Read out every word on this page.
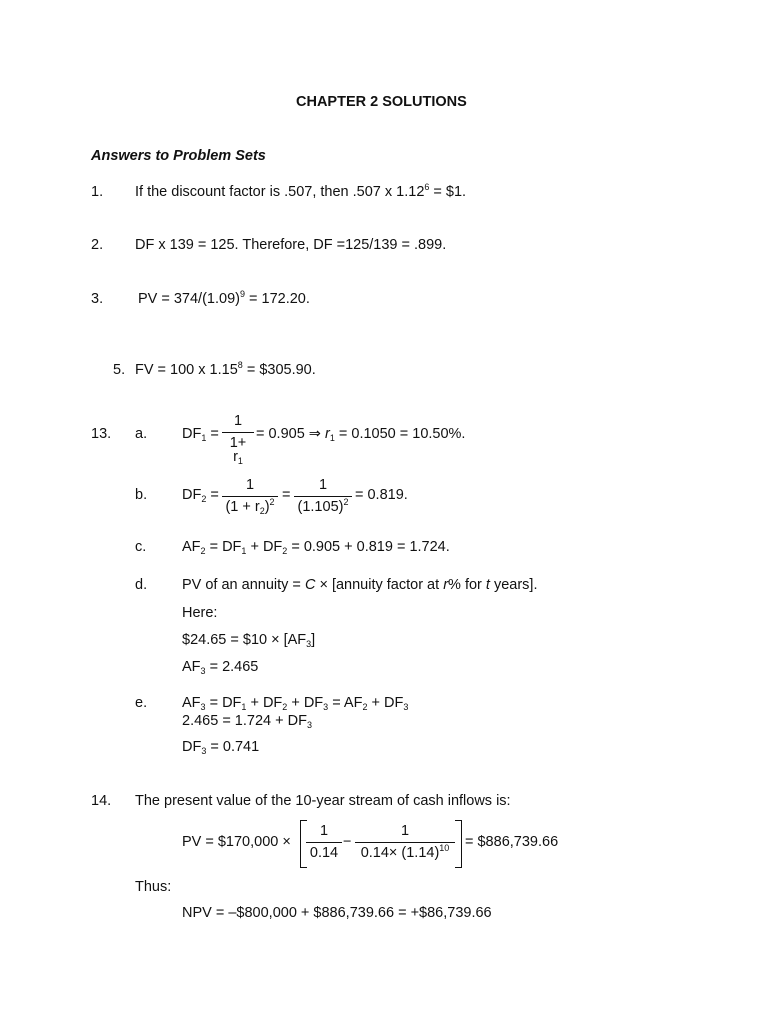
CHAPTER 2 SOLUTIONS
Answers to Problem Sets
1. If the discount factor is .507, then .507 x $1.12^6$ = $1.
2. DF x 139 = 125. Therefore, DF =125/139 = .899.
3. PV = $374/(1.09)^9 = 172.20$.
5. FV = 100 x $1.15^8$ = $305.90.
13. a. $DF_1 = \frac{1}{1+ r_1} = 0.905$ ⇒ $r_1 = 0.1050 = 10.50\%$.
b. $DF_2 = \frac{1}{(1 + r_2)^2} = \frac{1}{(1.105)^2} = 0.819$.
c. $AF_2 = DF_1 + DF_2 = 0.905 + 0.819 = 1.724$.
d. PV of an annuity = C × [annuity factor at r% for t years].
Here:
$24.65 = $10 × $[AF_3]$
$AF_3 = 2.465$
e. $AF_3 = DF_1 + DF_2 + DF_3 = AF_2 + DF_3$
$2.465 = 1.724 + DF_3$
$DF_3 = 0.741$
14. The present value of the 10-year stream of cash inflows is:
PV = $170,000 × $\frac{1}{0.14} - \frac{1}{0.14\times (1.14)^{10}}$ = $886,739.66
Thus:
NPV = –$800,000 + $886,739.66 = +$86,739.66
